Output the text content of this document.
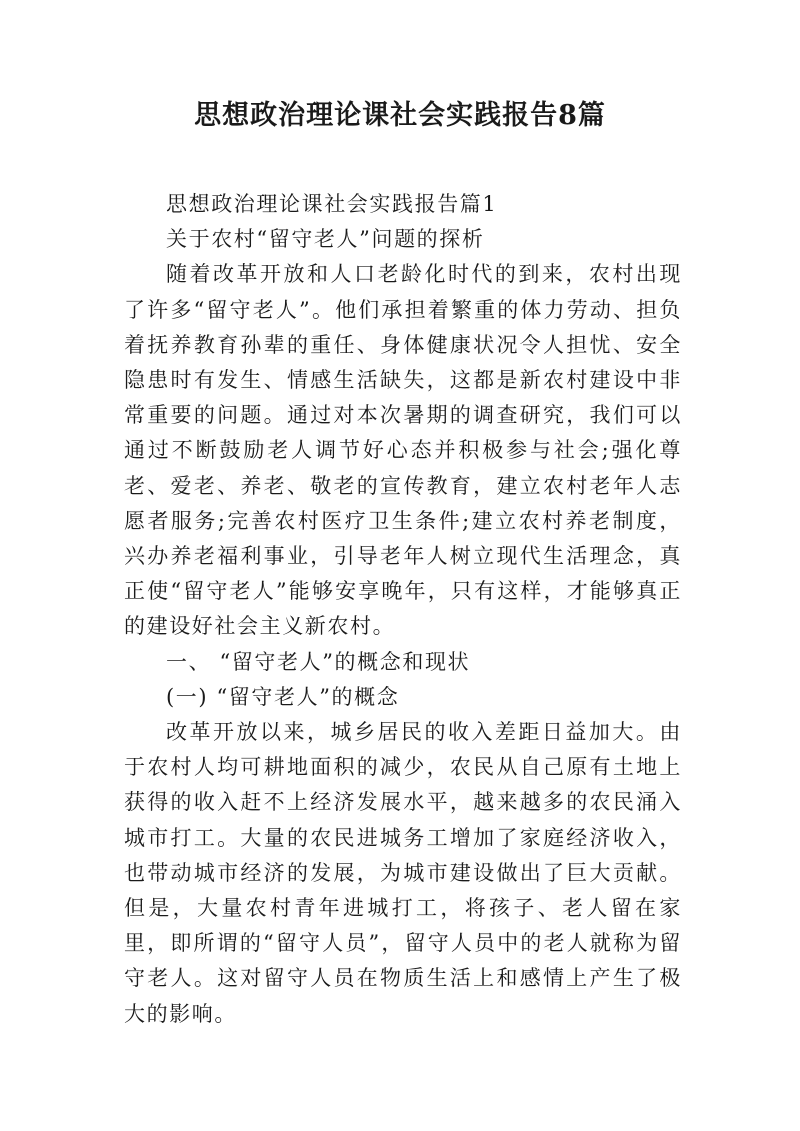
思想政治理论课社会实践报告8篇

思想政治理论课社会实践报告篇1

关于农村“留守老人”问题的探析

随着改革开放和人口老龄化时代的到来，农村出现了许多“留守老人”。他们承担着繁重的体力劳动、担负着抚养教育孙辈的重任、身体健康状况令人担忧、安全隐患时有发生、情感生活缺失，这都是新农村建设中非常重要的问题。通过对本次暑期的调查研究，我们可以通过不断鼓励老人调节好心态并积极参与社会;强化尊老、爱老、养老、敬老的宣传教育，建立农村老年人志愿者服务;完善农村医疗卫生条件;建立农村养老制度，兴办养老福利事业，引导老年人树立现代生活理念，真正使“留守老人”能够安享晚年，只有这样，才能够真正的建设好社会主义新农村。

一、 “留守老人”的概念和现状

(一) “留守老人”的概念

改革开放以来，城乡居民的收入差距日益加大。由于农村人均可耕地面积的减少，农民从自己原有土地上获得的收入赶不上经济发展水平，越来越多的农民涌入城市打工。大量的农民进城务工增加了家庭经济收入，也带动城市经济的发展，为城市建设做出了巨大贡献。但是，大量农村青年进城打工，将孩子、老人留在家里，即所谓的“留守人员”，留守人员中的老人就称为留守老人。这对留守人员在物质生活上和感情上产生了极大的影响。
